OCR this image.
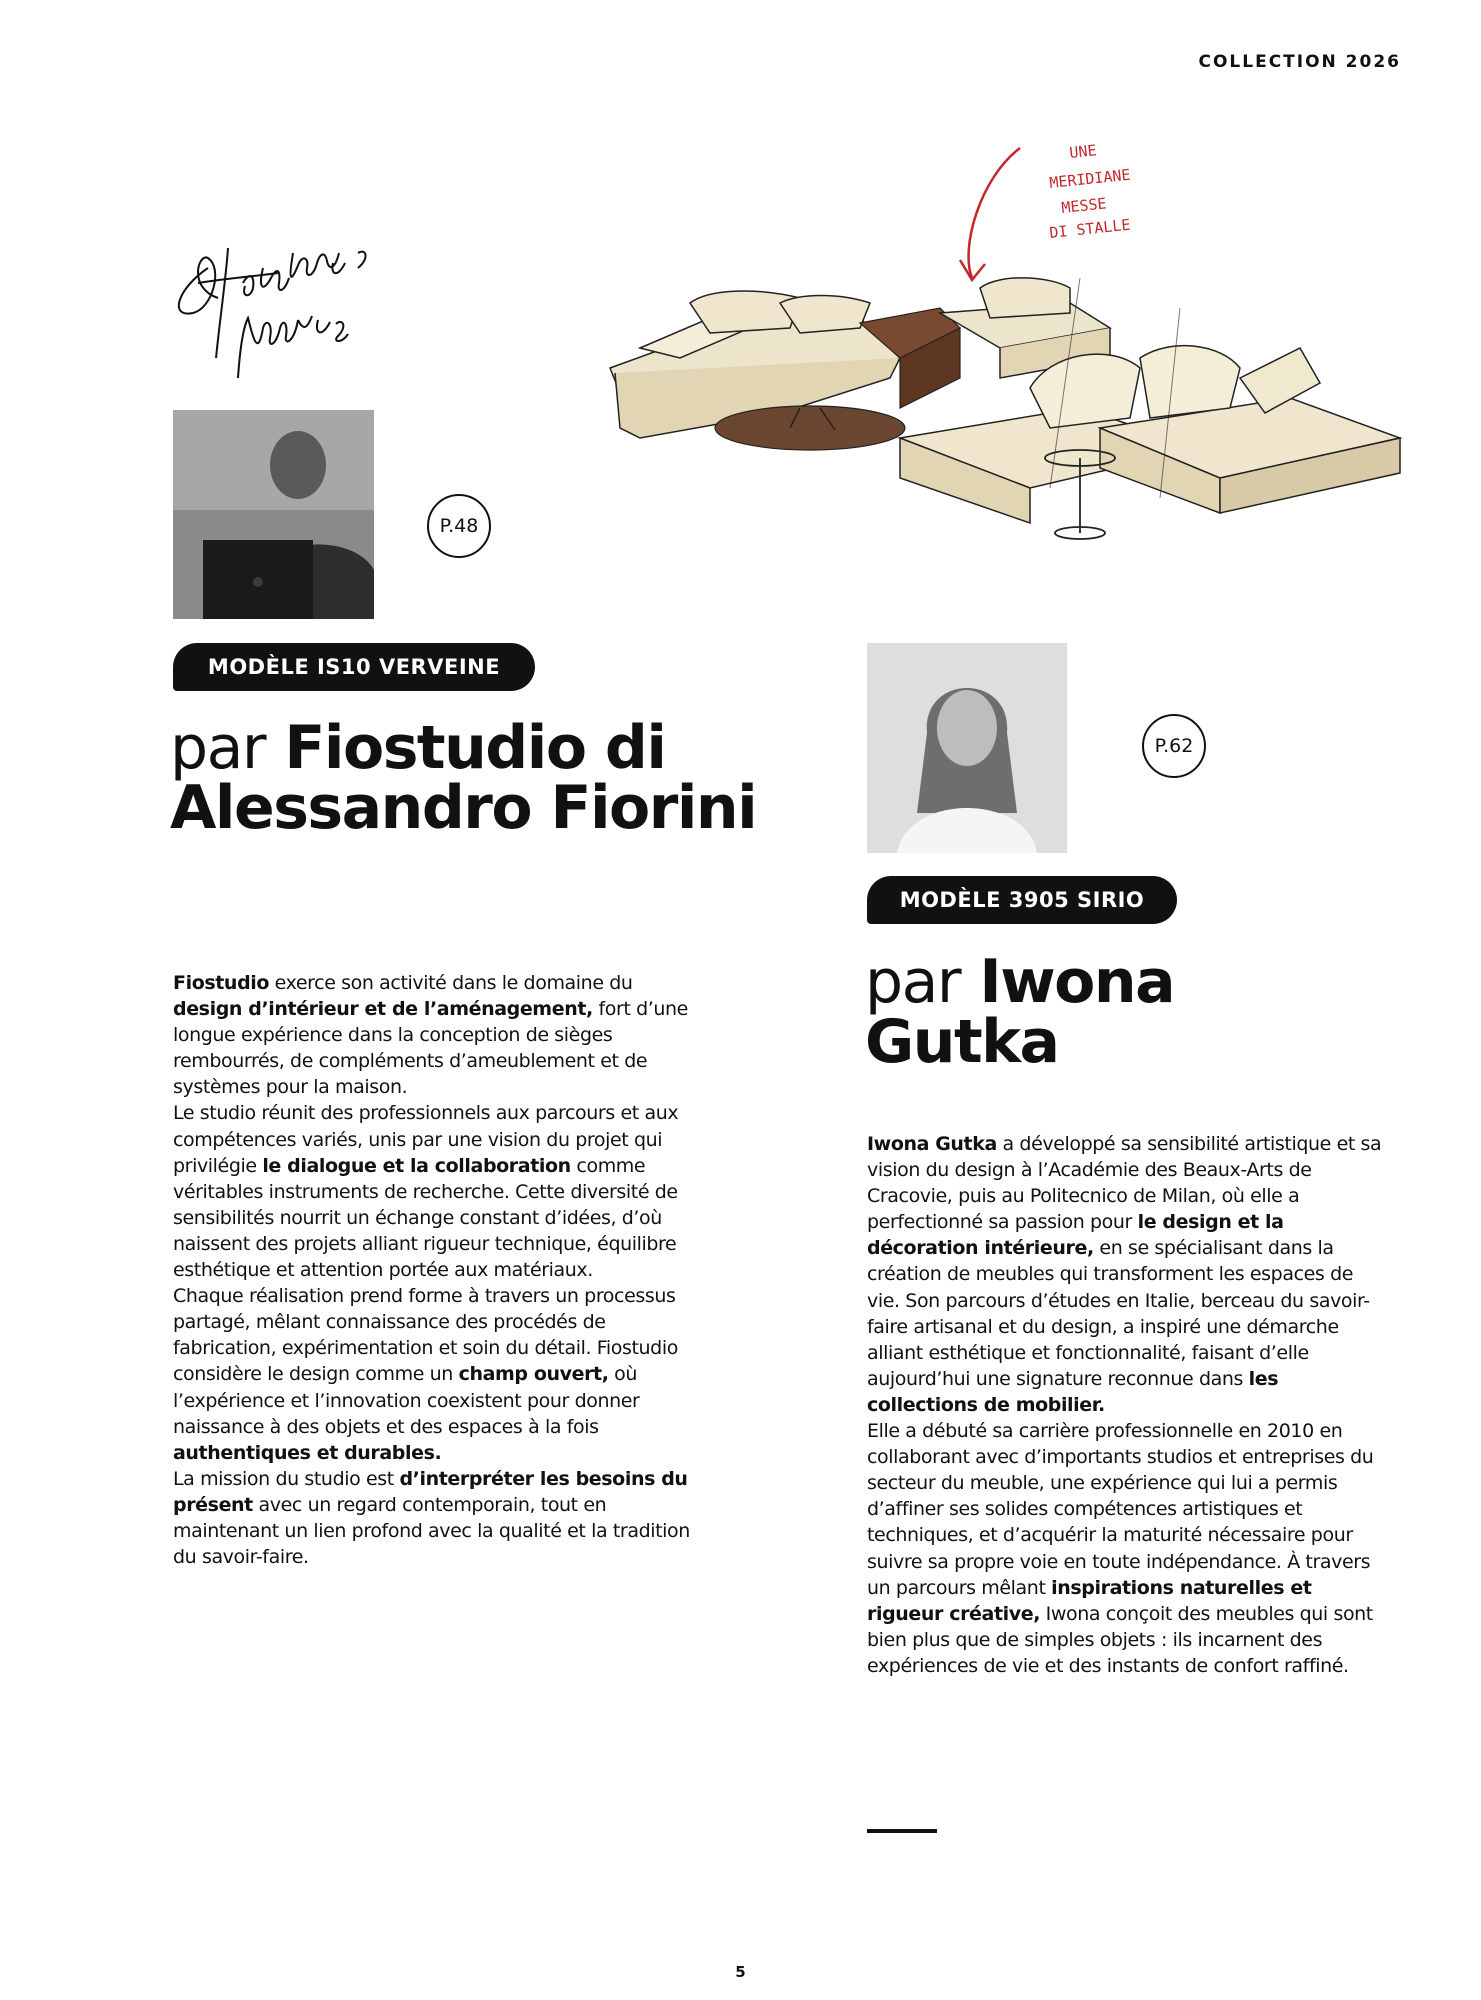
COLLECTION 2026
UNE
MERIDIANE
MESSE
DI STALLE
P.48
MODÈLE IS10 VERVEINE
par Fiostudio di Alessandro Fiorini

Fiostudio exerce son activité dans le domaine du design d’intérieur et de l’aménagement, fort d’une longue expérience dans la conception de sièges rembourrés, de compléments d’ameublement et de systèmes pour la maison.

Le studio réunit des professionnels aux parcours et aux compétences variés, unis par une vision du projet qui privilégie le dialogue et la collaboration comme véritables instruments de recherche. Cette diversité de sensibilités nourrit un échange constant d’idées, d’où naissent des projets alliant rigueur technique, équilibre esthétique et attention portée aux matériaux.

Chaque réalisation prend forme à travers un processus partagé, mêlant connaissance des procédés de fabrication, expérimentation et soin du détail. Fiostudio considère le design comme un champ ouvert, où l’expérience et l’innovation coexistent pour donner naissance à des objets et des espaces à la fois authentiques et durables.

La mission du studio est d’interpréter les besoins du présent avec un regard contemporain, tout en maintenant un lien profond avec la qualité et la tradition du savoir-faire.

P.62
MODÈLE 3905 SIRIO
par Iwona Gutka

Iwona Gutka a développé sa sensibilité artistique et sa vision du design à l’Académie des Beaux-Arts de Cracovie, puis au Politecnico de Milan, où elle a perfectionné sa passion pour le design et la décoration intérieure, en se spécialisant dans la création de meubles qui transforment les espaces de vie. Son parcours d’études en Italie, berceau du savoir-faire artisanal et du design, a inspiré une démarche alliant esthétique et fonctionnalité, faisant d’elle aujourd’hui une signature reconnue dans les collections de mobilier.

Elle a débuté sa carrière professionnelle en 2010 en collaborant avec d’importants studios et entreprises du secteur du meuble, une expérience qui lui a permis d’affiner ses solides compétences artistiques et techniques, et d’acquérir la maturité nécessaire pour suivre sa propre voie en toute indépendance. À travers un parcours mêlant inspirations naturelles et rigueur créative, Iwona conçoit des meubles qui sont bien plus que de simples objets : ils incarnent des expériences de vie et des instants de confort raffiné.

5
